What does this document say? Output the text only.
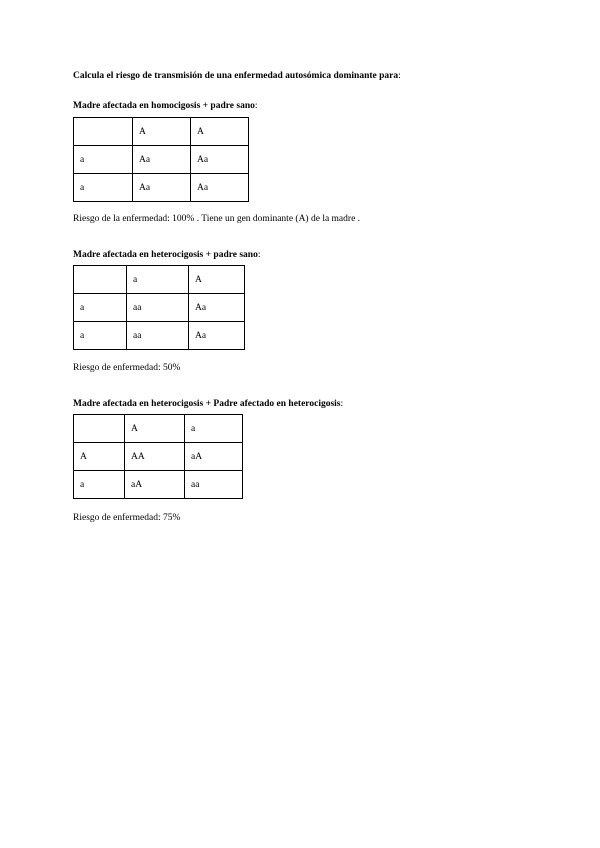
Calcula el riesgo de transmisión de una enfermedad autosómica dominante para:
Madre afectada en homocigosis + padre sano:
	A	A
a	Aa	Aa
a	Aa	Aa
Riesgo de la enfermedad: 100% . Tiene un gen dominante (A) de la madre .
Madre afectada en heterocigosis + padre sano:
	a	A
a	aa	Aa
a	aa	Aa
Riesgo de enfermedad: 50%
Madre afectada en heterocigosis + Padre afectado en heterocigosis:
	A	a
A	AA	aA
a	aA	aa
Riesgo de enfermedad: 75%
